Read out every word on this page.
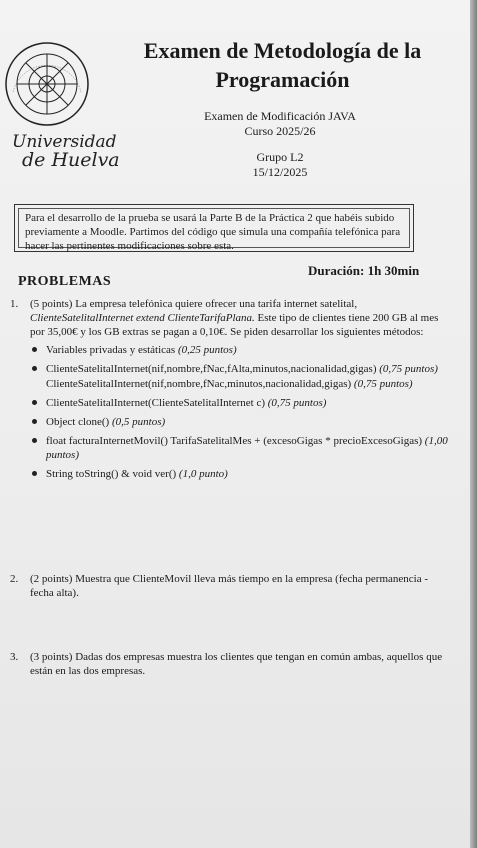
Universidad
de Huelva
Examen de Metodología de la
Programación
Examen de Modificación JAVA
Curso 2025/26
Grupo L2
15/12/2025
Para el desarrollo de la prueba se usará la Parte B de la Práctica 2 que habéis subido previamente a Moodle. Partimos del código que simula una compañía telefónica para hacer las pertinentes modificaciones sobre esta.
PROBLEMAS
Duración: 1h 30min
1. (5 points) La empresa telefónica quiere ofrecer una tarifa internet satelital, ClienteSatelitalInternet extend ClienteTarifaPlana. Este tipo de clientes tiene 200 GB al mes por 35,00€ y los GB extras se pagan a 0,10€. Se piden desarrollar los siguientes métodos:
Variables privadas y estáticas (0,25 puntos)
ClienteSatelitalInternet(nif,nombre,fNac,fAlta,minutos,nacionalidad,gigas) (0,75 puntos)
ClienteSatelitalInternet(nif,nombre,fNac,minutos,nacionalidad,gigas) (0,75 puntos)
ClienteSatelitalInternet(ClienteSatelitalInternet c) (0,75 puntos)
Object clone() (0,5 puntos)
float facturaInternetMovil() TarifaSatelitalMes + (excesoGigas * precioExcesoGigas) (1,00 puntos)
String toString() & void ver() (1,0 punto)
2. (2 points) Muestra que ClienteMovil lleva más tiempo en la empresa (fecha permanencia - fecha alta).
3. (3 points) Dadas dos empresas muestra los clientes que tengan en común ambas, aquellos que están en las dos empresas.
